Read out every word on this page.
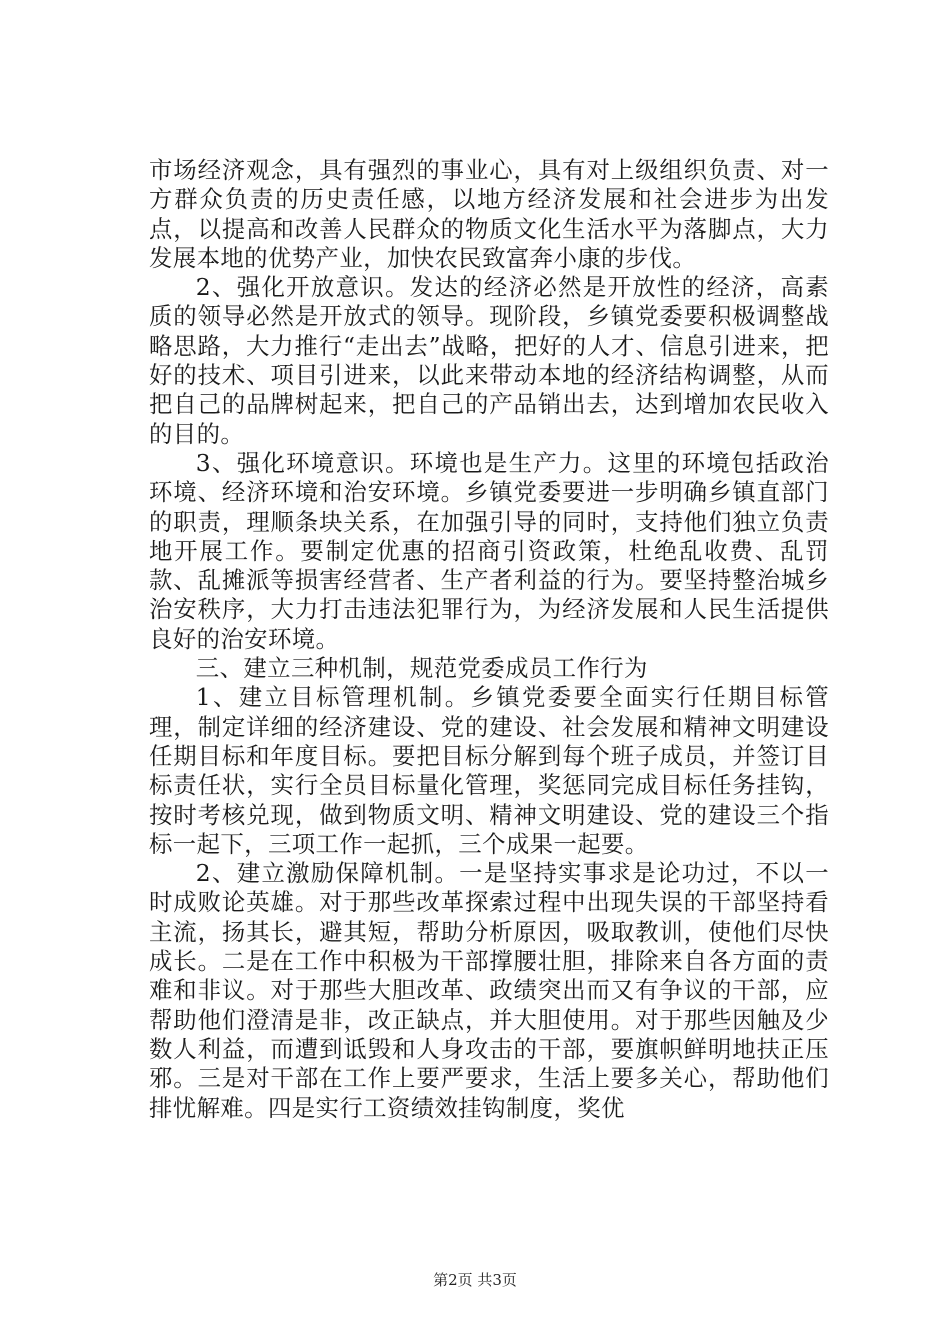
市场经济观念，具有强烈的事业心，具有对上级组织负责、对一方群众负责的历史责任感，以地方经济发展和社会进步为出发点，以提高和改善人民群众的物质文化生活水平为落脚点，大力发展本地的优势产业，加快农民致富奔小康的步伐。

2、强化开放意识。发达的经济必然是开放性的经济，高素质的领导必然是开放式的领导。现阶段，乡镇党委要积极调整战略思路，大力推行“走出去”战略，把好的人才、信息引进来，把好的技术、项目引进来，以此来带动本地的经济结构调整，从而把自己的品牌树起来，把自己的产品销出去，达到增加农民收入的目的。

3、强化环境意识。环境也是生产力。这里的环境包括政治环境、经济环境和治安环境。乡镇党委要进一步明确乡镇直部门的职责，理顺条块关系，在加强引导的同时，支持他们独立负责地开展工作。要制定优惠的招商引资政策，杜绝乱收费、乱罚款、乱摊派等损害经营者、生产者利益的行为。要坚持整治城乡治安秩序，大力打击违法犯罪行为，为经济发展和人民生活提供良好的治安环境。

三、建立三种机制，规范党委成员工作行为

1、建立目标管理机制。乡镇党委要全面实行任期目标管理，制定详细的经济建设、党的建设、社会发展和精神文明建设任期目标和年度目标。要把目标分解到每个班子成员，并签订目标责任状，实行全员目标量化管理，奖惩同完成目标任务挂钩，按时考核兑现，做到物质文明、精神文明建设、党的建设三个指标一起下，三项工作一起抓，三个成果一起要。

2、建立激励保障机制。一是坚持实事求是论功过，不以一时成败论英雄。对于那些改革探索过程中出现失误的干部坚持看主流，扬其长，避其短，帮助分析原因，吸取教训，使他们尽快成长。二是在工作中积极为干部撑腰壮胆，排除来自各方面的责难和非议。对于那些大胆改革、政绩突出而又有争议的干部，应帮助他们澄清是非，改正缺点，并大胆使用。对于那些因触及少数人利益，而遭到诋毁和人身攻击的干部，要旗帜鲜明地扶正压邪。三是对干部在工作上要严要求，生活上要多关心，帮助他们排忧解难。四是实行工资绩效挂钩制度，奖优

第2页 共3页
